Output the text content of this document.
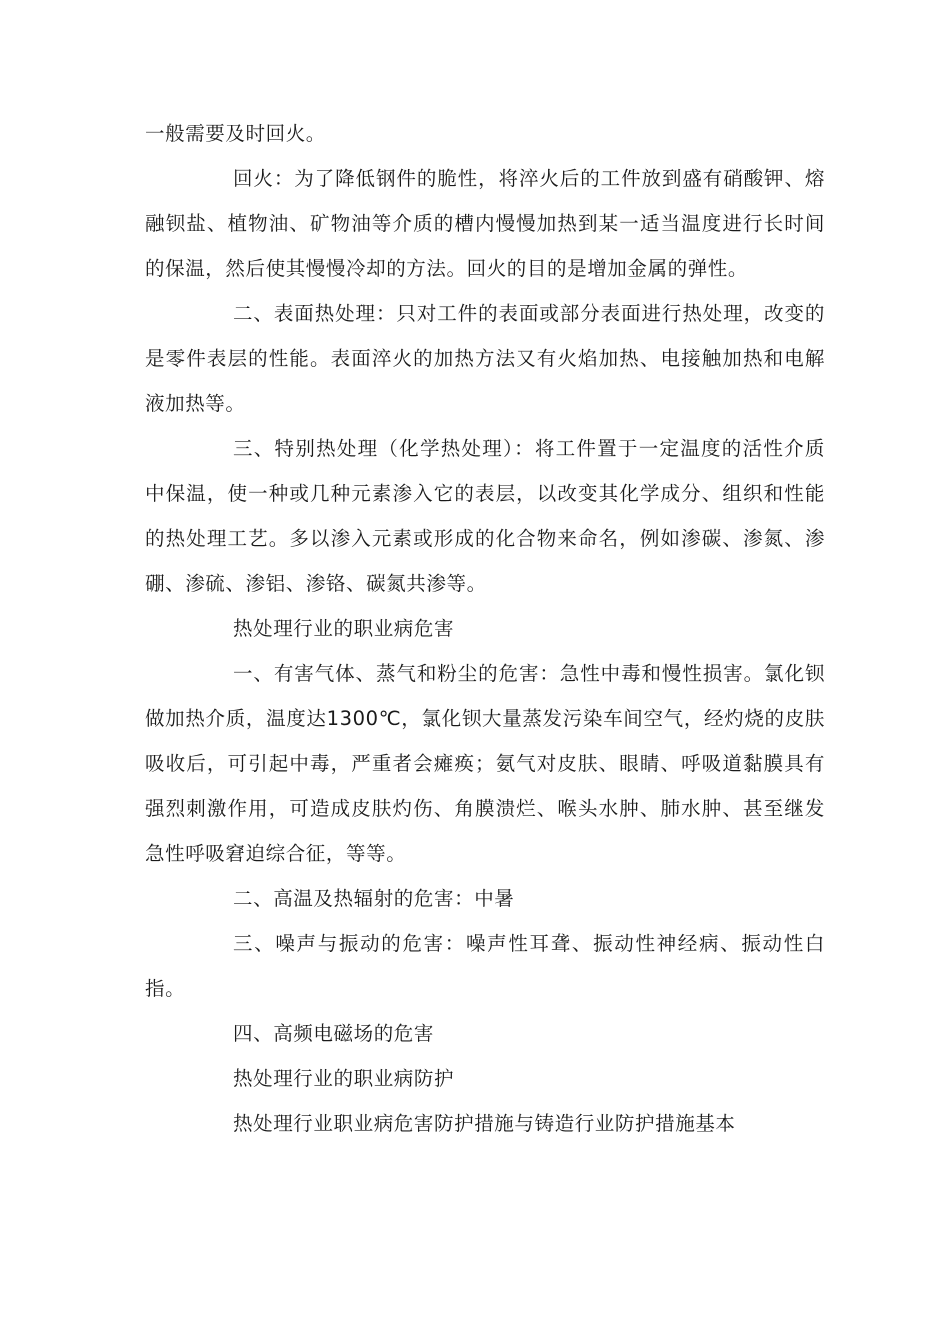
一般需要及时回火。

回火：为了降低钢件的脆性，将淬火后的工件放到盛有硝酸钾、熔融钡盐、植物油、矿物油等介质的槽内慢慢加热到某一适当温度进行长时间的保温，然后使其慢慢冷却的方法。回火的目的是增加金属的弹性。

二、表面热处理：只对工件的表面或部分表面进行热处理，改变的是零件表层的性能。表面淬火的加热方法又有火焰加热、电接触加热和电解液加热等。

三、特别热处理（化学热处理）：将工件置于一定温度的活性介质中保温，使一种或几种元素渗入它的表层，以改变其化学成分、组织和性能的热处理工艺。多以渗入元素或形成的化合物来命名，例如渗碳、渗氮、渗硼、渗硫、渗铝、渗铬、碳氮共渗等。

热处理行业的职业病危害

一、有害气体、蒸气和粉尘的危害：急性中毒和慢性损害。氯化钡做加热介质，温度达1300℃，氯化钡大量蒸发污染车间空气，经灼烧的皮肤吸收后，可引起中毒，严重者会瘫痪；氨气对皮肤、眼睛、呼吸道黏膜具有强烈刺激作用，可造成皮肤灼伤、角膜溃烂、喉头水肿、肺水肿、甚至继发急性呼吸窘迫综合征，等等。

二、高温及热辐射的危害：中暑

三、噪声与振动的危害：噪声性耳聋、振动性神经病、振动性白指。

四、高频电磁场的危害

热处理行业的职业病防护

热处理行业职业病危害防护措施与铸造行业防护措施基本
